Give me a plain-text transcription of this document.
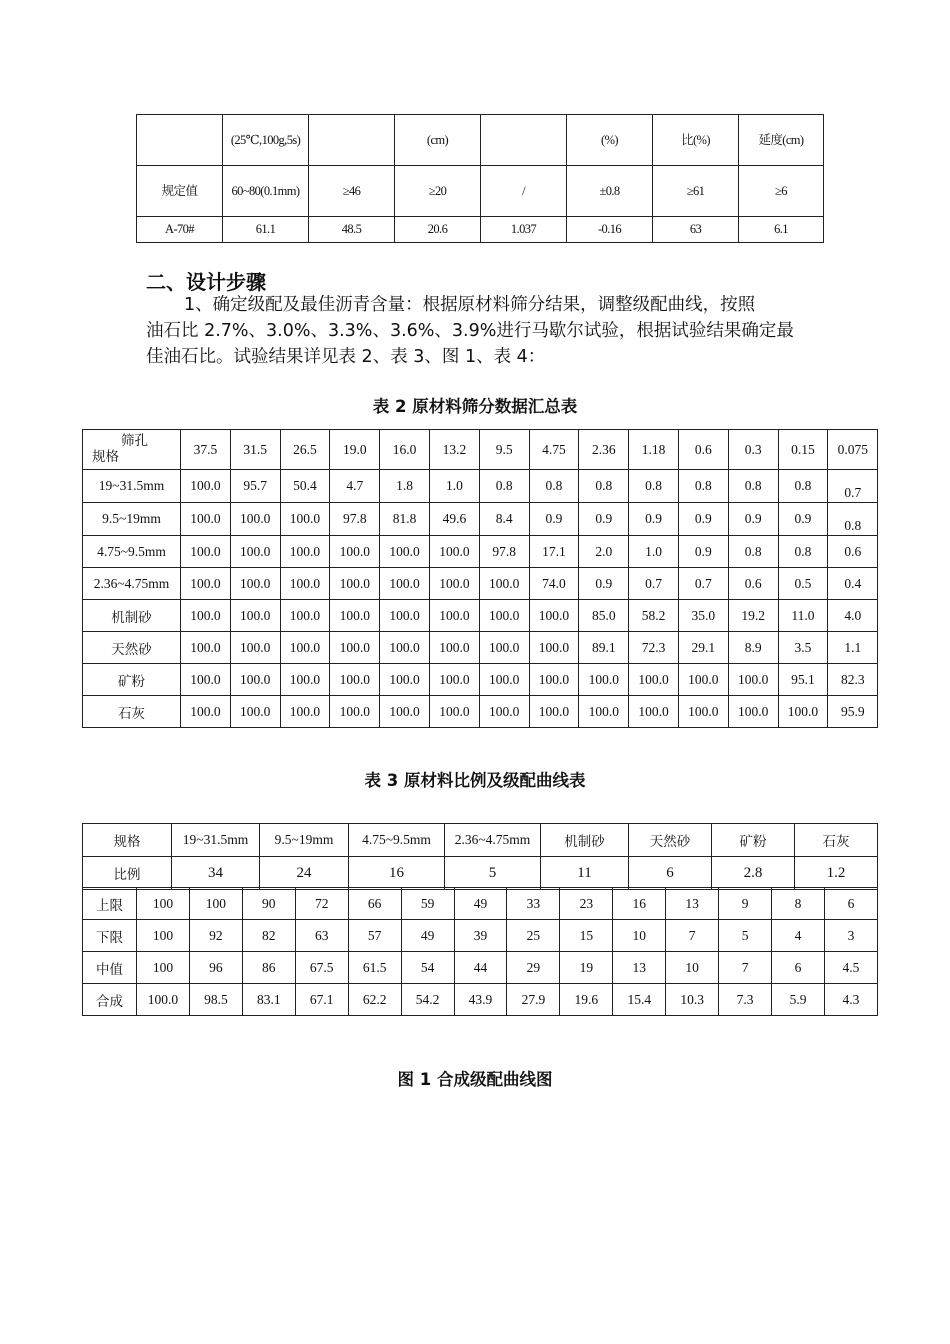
	(25℃,100g,5s)		(cm)		(%)	比(%)	延度(cm)
规定值	60~80(0.1mm)	≥46	≥20	/	±0.8	≥61	≥6
A-70#	61.1	48.5	20.6	1.037	-0.16	63	6.1
二、设计步骤
1、确定级配及最佳沥青含量：根据原材料筛分结果，调整级配曲线，按照
油石比 2.7%、3.0%、3.3%、3.6%、3.9%进行马歇尔试验，根据试验结果确定最
佳油石比。试验结果详见表 2、表 3、图 1、表 4：
表 2 原材料筛分数据汇总表
筛孔
规格	37.5	31.5	26.5	19.0	16.0	13.2	9.5	4.75	2.36	1.18	0.6	0.3	0.15	0.075
19~31.5mm	100.0	95.7	50.4	4.7	1.8	1.0	0.8	0.8	0.8	0.8	0.8	0.8	0.8	0.7
9.5~19mm	100.0	100.0	100.0	97.8	81.8	49.6	8.4	0.9	0.9	0.9	0.9	0.9	0.9	0.8
4.75~9.5mm	100.0	100.0	100.0	100.0	100.0	100.0	97.8	17.1	2.0	1.0	0.9	0.8	0.8	0.6
2.36~4.75mm	100.0	100.0	100.0	100.0	100.0	100.0	100.0	74.0	0.9	0.7	0.7	0.6	0.5	0.4
机制砂	100.0	100.0	100.0	100.0	100.0	100.0	100.0	100.0	85.0	58.2	35.0	19.2	11.0	4.0
天然砂	100.0	100.0	100.0	100.0	100.0	100.0	100.0	100.0	89.1	72.3	29.1	8.9	3.5	1.1
矿粉	100.0	100.0	100.0	100.0	100.0	100.0	100.0	100.0	100.0	100.0	100.0	100.0	95.1	82.3
石灰	100.0	100.0	100.0	100.0	100.0	100.0	100.0	100.0	100.0	100.0	100.0	100.0	100.0	95.9
表 3 原材料比例及级配曲线表
规格	19~31.5mm	9.5~19mm	4.75~9.5mm	2.36~4.75mm	机制砂	天然砂	矿粉	石灰
比例	34	24	16	5	11	6	2.8	1.2
上限	100	100	90	72	66	59	49	33	23	16	13	9	8	6
下限	100	92	82	63	57	49	39	25	15	10	7	5	4	3
中值	100	96	86	67.5	61.5	54	44	29	19	13	10	7	6	4.5
合成	100.0	98.5	83.1	67.1	62.2	54.2	43.9	27.9	19.6	15.4	10.3	7.3	5.9	4.3
图 1 合成级配曲线图
